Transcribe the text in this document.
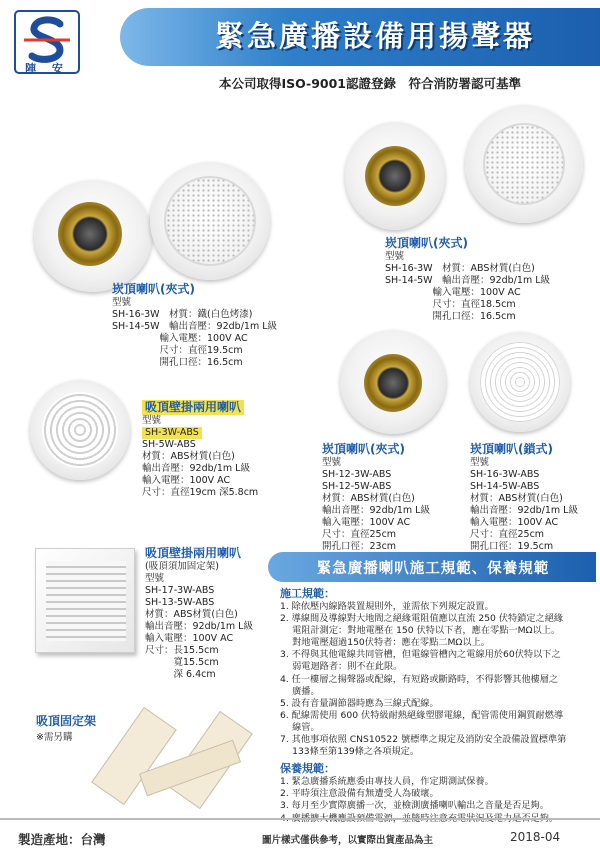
陣 安
緊急廣播設備用揚聲器
本公司取得ISO-9001認證登錄　符合消防署認可基準
崁頂喇叭(夾式)
型號
SH-16-3W　材質：鐵(白色烤漆)
SH-14-5W　輸出音壓：92db/1m L級
　　　　　輸入電壓：100V AC
　　　　　尺寸：直徑19.5cm
　　　　　開孔口徑：16.5cm
崁頂喇叭(夾式)
型號
SH-16-3W　材質：ABS材質(白色)
SH-14-5W　輸出音壓：92db/1m L級
　　　　　輸入電壓：100V AC
　　　　　尺寸：直徑18.5cm
　　　　　開孔口徑：16.5cm
吸頂壁掛兩用喇叭
型號
SH-3W-ABS
SH-5W-ABS
材質：ABS材質(白色)
輸出音壓：92db/1m L級
輸入電壓：100V AC
尺寸：直徑19cm 深5.8cm
崁頂喇叭(夾式)
型號
SH-12-3W-ABS
SH-12-5W-ABS
材質：ABS材質(白色)
輸出音壓：92db/1m L級
輸入電壓：100V AC
尺寸：直徑25cm
開孔口徑：23cm
崁頂喇叭(鎖式)
型號
SH-16-3W-ABS
SH-14-5W-ABS
材質：ABS材質(白色)
輸出音壓：92db/1m L級
輸入電壓：100V AC
尺寸：直徑25cm
開孔口徑：19.5cm
吸頂壁掛兩用喇叭
(吸頂須加固定架)
型號
SH-17-3W-ABS
SH-13-5W-ABS
材質：ABS材質(白色)
輸出音壓：92db/1m L級
輸入電壓：100V AC
尺寸：長15.5cm
　　　寬15.5cm
　　　深 6.4cm
吸頂固定架
※需另購
緊急廣播喇叭施工規範、保養規範
施工規範：
1. 除依壓內線路裝置規則外，並需依下列規定設置。
2. 導線間及導線對大地間之絕緣電阻值應以直流 250 伏特鎖定之絕緣
　 電阻計測定：對地電壓在 150 伏特以下者，應在零點一MΩ以上。
　 對地電壓超過150伏特者：應在零點二MΩ以上。
3. 不得與其他電線共同管槽，但電線管槽內之電線用於60伏特以下之
　 弱電迴路者：則不在此限。
4. 任一樓層之揚聲器或配線，有短路或斷路時，不得影響其他樓層之
　 廣播。
5. 設有音量調節器時應為三線式配線。
6. 配線需使用 600 伏特級耐熱絕緣塑膠電線，配管需使用鋼質耐燃導
　 線管。
7. 其他事項依照 CNS10522 號標準之規定及消防安全設備設置標準第
　 133條至第139條之各項規定。
保養規範：
1. 緊急廣播系統應委由專技人員，作定期測試保養。
2. 平時須注意設備有無遭受人為破壞。
3. 每月至少實際廣播一次，並檢測廣播喇叭輸出之音量是否足夠。
製造產地：台灣	圖片樣式僅供參考，以實際出貨產品為主	2018-04
